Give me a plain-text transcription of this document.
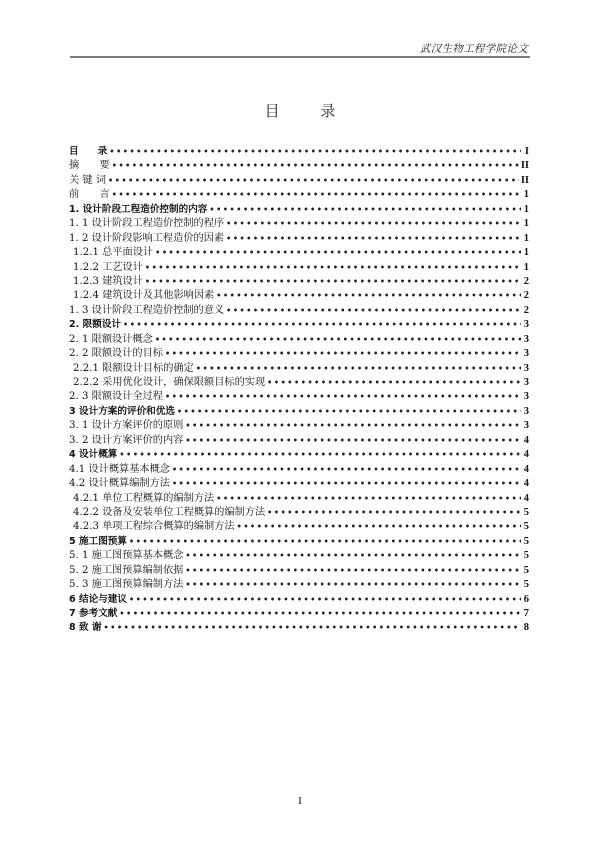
武汉生物工程学院论文
目 录
目　　录 •••••	I
摘　　要 •••••	II
关 键 词 •••••	II
前　　言 •••••	1
1. 设计阶段工程造价控制的内容 •••••	1
1. 1 设计阶段工程造价控制的程序 •••••	1
1. 2 设计阶段影响工程造价的因素 •••••	1
1.2.1 总平面设计 •••••	1
1.2.2 工艺设计 •••••	1
1.2.3 建筑设计 •••••	2
1.2.4 建筑设计及其他影响因素 •••••	2
1. 3 设计阶段工程造价控制的意义 •••••	2
2. 限额设计 •••••	3
2. 1 限额设计概念 •••••	3
2. 2 限额设计的目标 •••••	3
2.2.1 限额设计目标的确定 •••••	3
2.2.2 采用优化设计，确保限额目标的实现 •••••	3
2. 3 限额设计全过程 •••••	3
3 设计方案的评价和优选 •••••	3
3. 1 设计方案评价的原则 •••••	3
3. 2 设计方案评价的内容 •••••	4
4 设计概算 •••••	4
4.1 设计概算基本概念 •••••	4
4.2 设计概算编制方法 •••••	4
4.2.1 单位工程概算的编制方法 •••••	4
4.2.2 设备及安装单位工程概算的编制方法 •••••	5
4.2.3 单项工程综合概算的编制方法 •••••	5
5 施工图预算 •••••	5
5. 1 施工图预算基本概念 •••••	5
5. 2 施工图预算编制依据 •••••	5
5. 3 施工图预算编制方法 •••••	5
6 结论与建议 •••••	6
7 参考文献 •••••	7
8 致 谢 •••••	8
I
